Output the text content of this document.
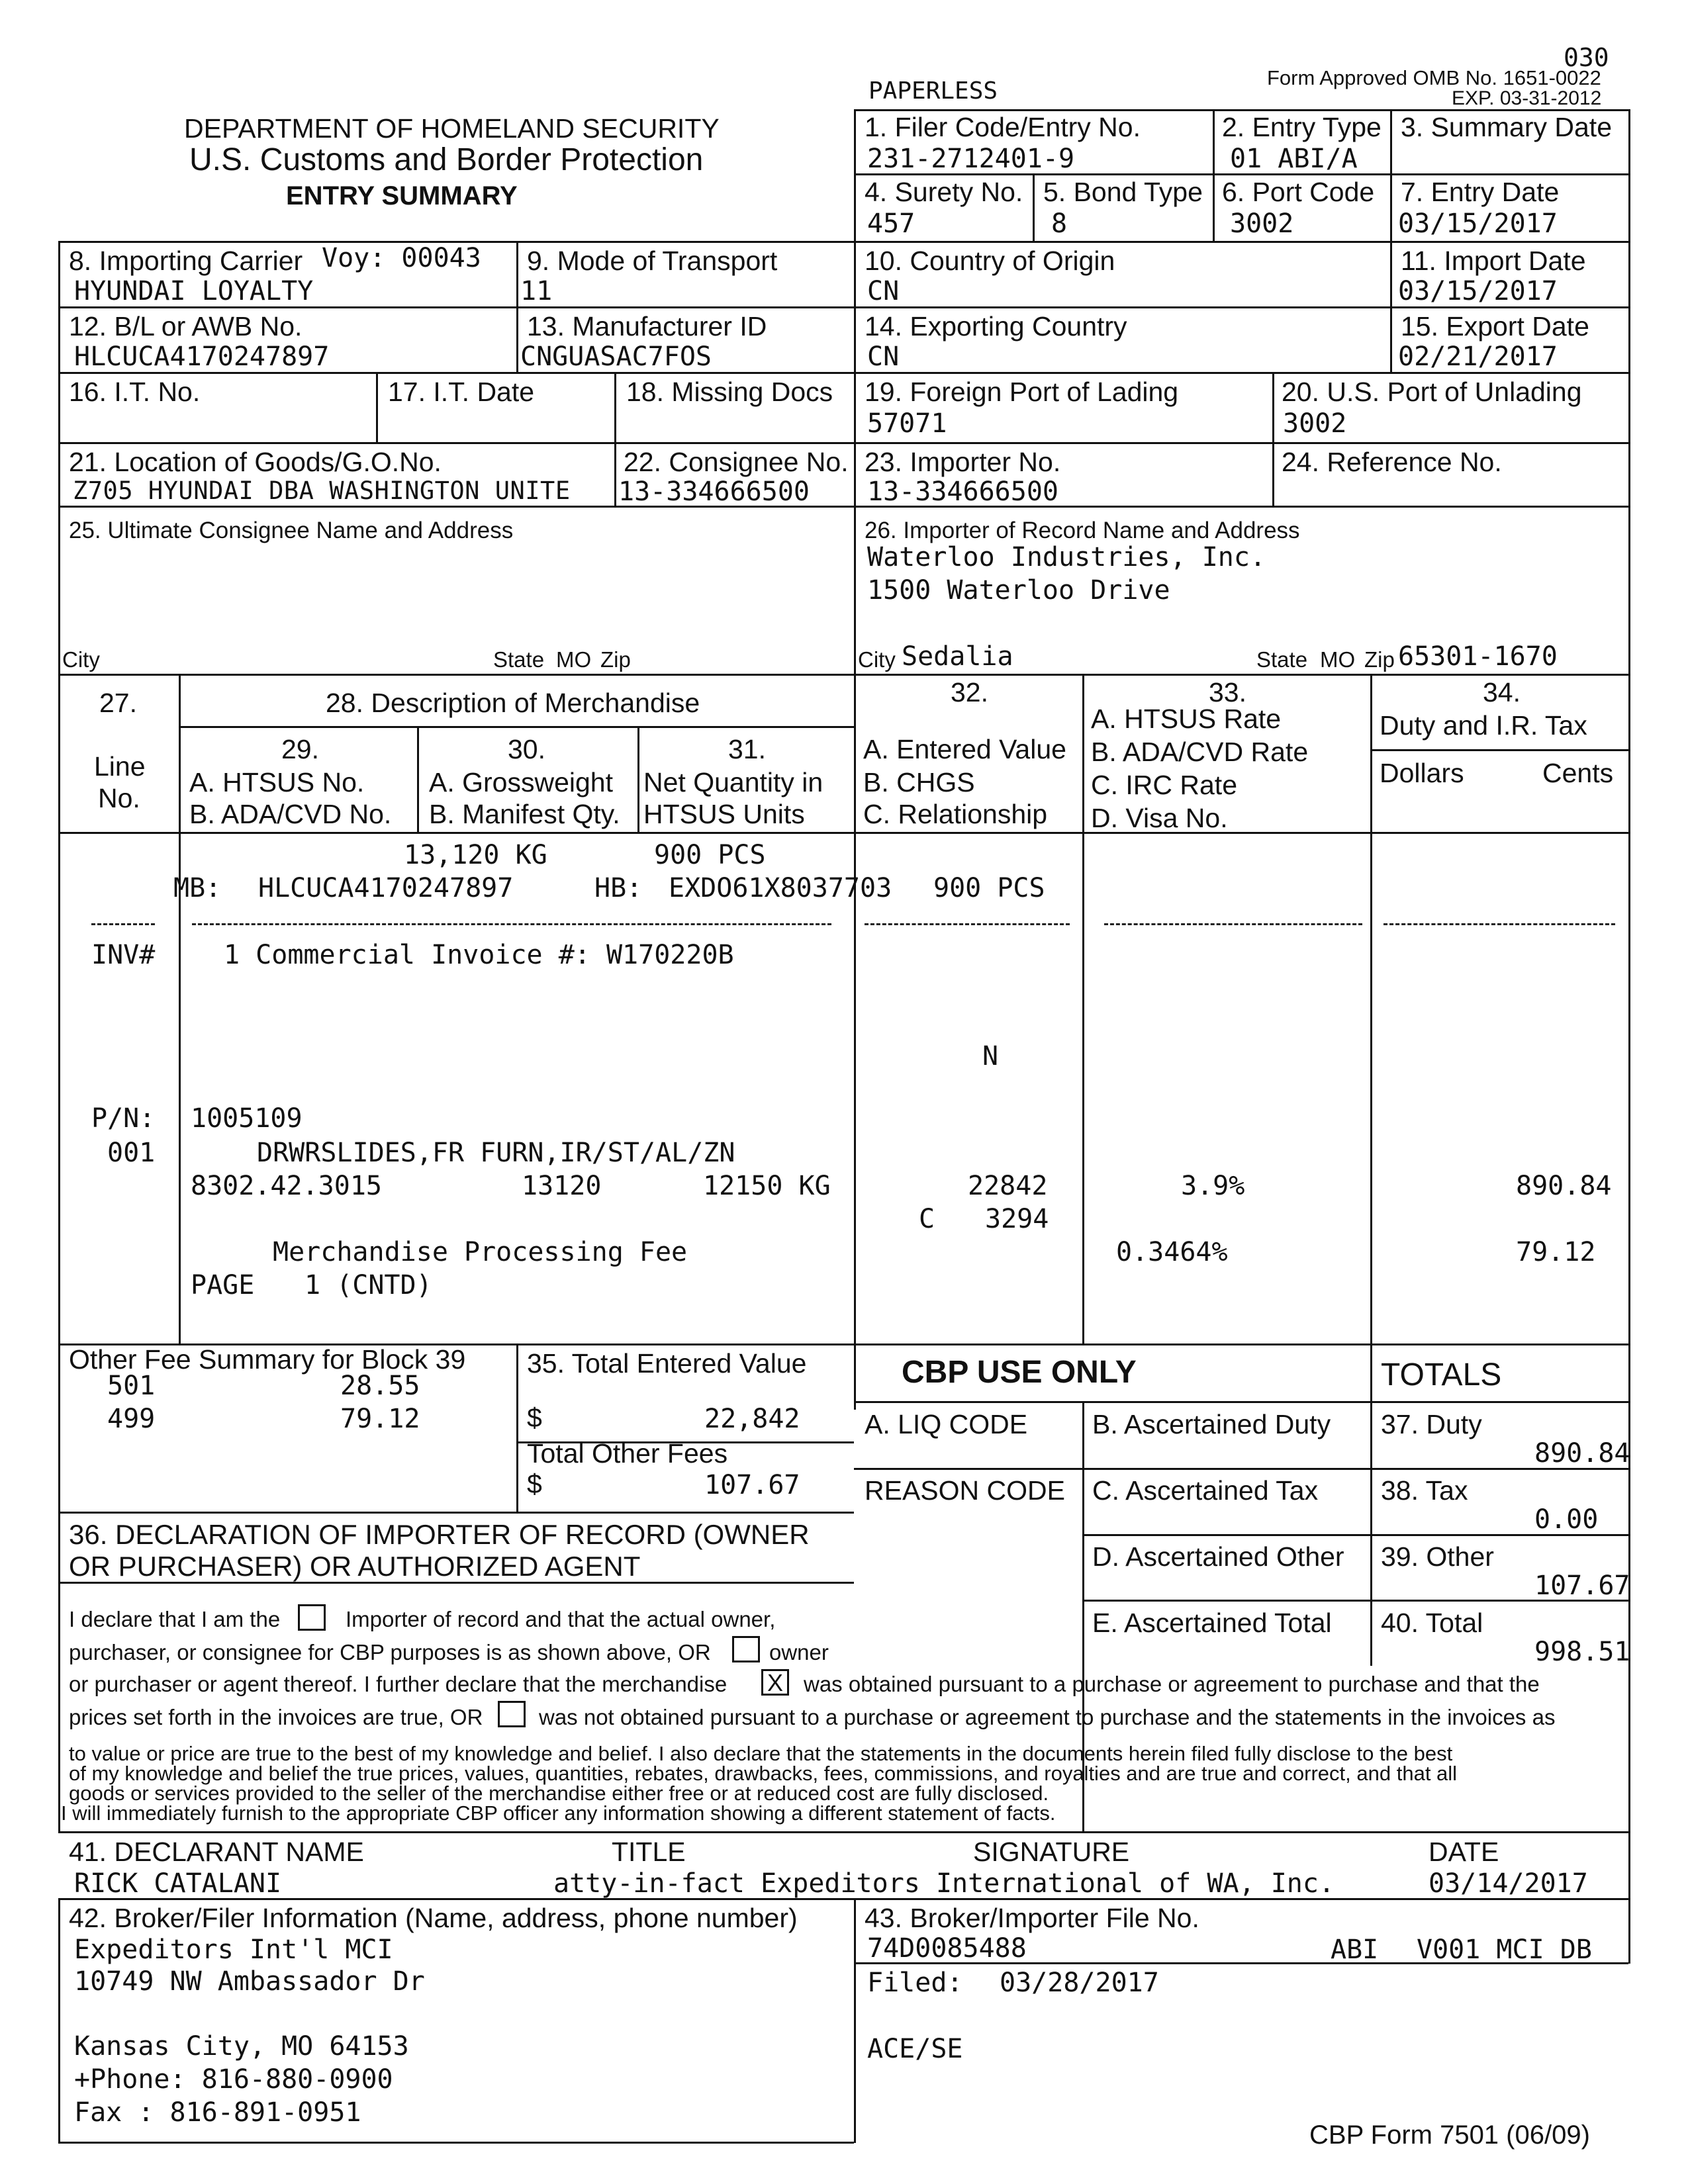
030
Form Approved OMB No. 1651-0022
EXP. 03-31-2012
PAPERLESS
DEPARTMENT OF HOMELAND SECURITY
U.S. Customs and Border Protection
ENTRY SUMMARY
1. Filer Code/Entry No.
231-2712401-9
2. Entry Type
01 ABI/A
3. Summary Date
4. Surety No.
457
5. Bond Type
8
6. Port Code
3002
7. Entry Date
03/15/2017
8. Importing Carrier Voy: 00043
HYUNDAI LOYALTY
9. Mode of Transport
11
10. Country of Origin
CN
11. Import Date
03/15/2017
12. B/L or AWB No.
HLCUCA4170247897
13. Manufacturer ID
CNGUASAC7FOS
14. Exporting Country
CN
15. Export Date
02/21/2017
16. I.T. No.	17. I.T. Date	18. Missing Docs 19. Foreign Port of Lading
57071
20. U.S. Port of Unlading
3002
21. Location of Goods/G.O.No.
Z705 HYUNDAI DBA WASHINGTON UNITE
22. Consignee No.
13-334666500
23. Importer No.
13-334666500
24. Reference No.
25. Ultimate Consignee Name and Address
City	State MO Zip
26. Importer of Record Name and Address
Waterloo Industries, Inc.
1500 Waterloo Drive
City Sedalia	State MO Zip 65301-1670
27.
Line
No.
28. Description of Merchandise
29.
A. HTSUS No.
B. ADA/CVD No.
30.
A. Grossweight
B. Manifest Qty.
31.
Net Quantity in
HTSUS Units
32.
A. Entered Value
B. CHGS
C. Relationship
33.
A. HTSUS Rate
B. ADA/CVD Rate
C. IRC Rate
D. Visa No.
34.
Duty and I.R. Tax
Dollars	Cents
13,120 KG	900 PCS
MB: HLCUCA4170247897	HB: EXDO61X8037703 900 PCS
INV#	1 Commercial Invoice #: W170220B
N
P/N: 1005109
001	DRWRSLIDES,FR FURN,IR/ST/AL/ZN
8302.42.3015	13120	12150 KG	22842	3.9%	890.84
C 3294
Merchandise Processing Fee	0.3464%	79.12
PAGE 1 (CNTD)
Other Fee Summary for Block 39
501	28.55
499	79.12
35. Total Entered Value
$	22,842
Total Other Fees
$	107.67
CBP USE ONLY
A. LIQ CODE
REASON CODE
B. Ascertained Duty
C. Ascertained Tax
D. Ascertained Other
E. Ascertained Total
TOTALS
37. Duty
890.84
38. Tax
0.00
39. Other
107.67
40. Total
998.51
36. DECLARATION OF IMPORTER OF RECORD (OWNER
OR PURCHASER) OR AUTHORIZED AGENT
I declare that I am the	Importer of record and that the actual owner,
purchaser, or consignee for CBP purposes is as shown above, OR	owner
or purchaser or agent thereof. I further declare that the merchandise X was obtained pursuant to a purchase or agreement to purchase and that the
prices set forth in the invoices are true, OR	was not obtained pursuant to a purchase or agreement to purchase and the statements in the invoices as
to value or price are true to the best of my knowledge and belief. I also declare that the statements in the documents herein filed fully disclose to the best
of my knowledge and belief the true prices, values, quantities, rebates, drawbacks, fees, commissions, and royalties and are true and correct, and that all
goods or services provided to the seller of the merchandise either free or at reduced cost are fully disclosed.
I will immediately furnish to the appropriate CBP officer any information showing a different statement of facts.
41. DECLARANT NAME	TITLE	SIGNATURE	DATE
RICK CATALANI	atty-in-fact Expeditors International of WA, Inc.	03/14/2017
42. Broker/Filer Information (Name, address, phone number)
Expeditors Int'l MCI
10749 NW Ambassador Dr
Kansas City, MO 64153
+Phone: 816-880-0900
Fax : 816-891-0951
43. Broker/Importer File No.
74D0085488	ABI V001 MCI DB
Filed: 03/28/2017
ACE/SE
CBP Form 7501 (06/09)
